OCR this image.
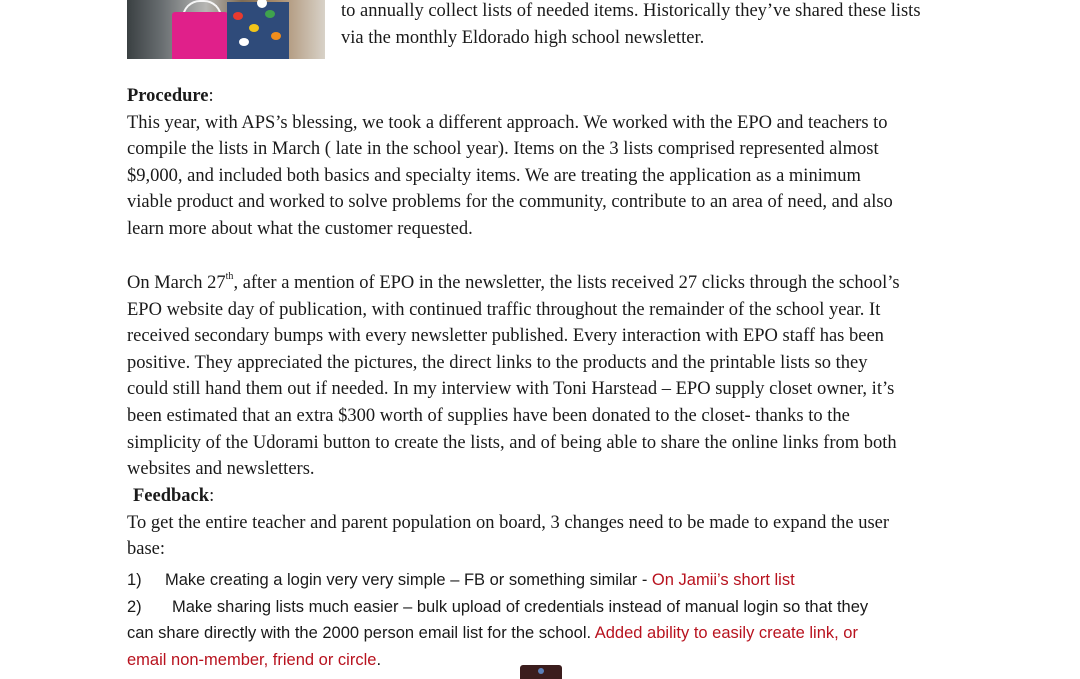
to annually collect lists of needed items. Historically they’ve shared these lists
via the monthly Eldorado high school newsletter.
Procedure:
This year, with APS’s blessing, we took a different approach. We worked with the EPO and teachers to
compile the lists in March ( late in the school year). Items on the 3 lists comprised represented almost
$9,000, and included both basics and specialty items. We are treating the application as a minimum
viable product and worked to solve problems for the community, contribute to an area of need, and also
learn more about what the customer requested.
On March 27th, after a mention of EPO in the newsletter, the lists received 27 clicks through the school’s
EPO website day of publication, with continued traffic throughout the remainder of the school year. It
received secondary bumps with every newsletter published. Every interaction with EPO staff has been
positive. They appreciated the pictures, the direct links to the products and the printable lists so they
could still hand them out if needed. In my interview with Toni Harstead – EPO supply closet owner, it’s
been estimated that an extra $300 worth of supplies have been donated to the closet- thanks to the
simplicity of the Udorami button to create the lists, and of being able to share the online links from both
websites and newsletters.
Feedback:
To get the entire teacher and parent population on board, 3 changes need to be made to expand the user
base:
1) Make creating a login very very simple – FB or something similar - On Jamii’s short list
2) Make sharing lists much easier – bulk upload of credentials instead of manual login so that they
can share directly with the 2000 person email list for the school. Added ability to easily create link, or
email non-member, friend or circle.
